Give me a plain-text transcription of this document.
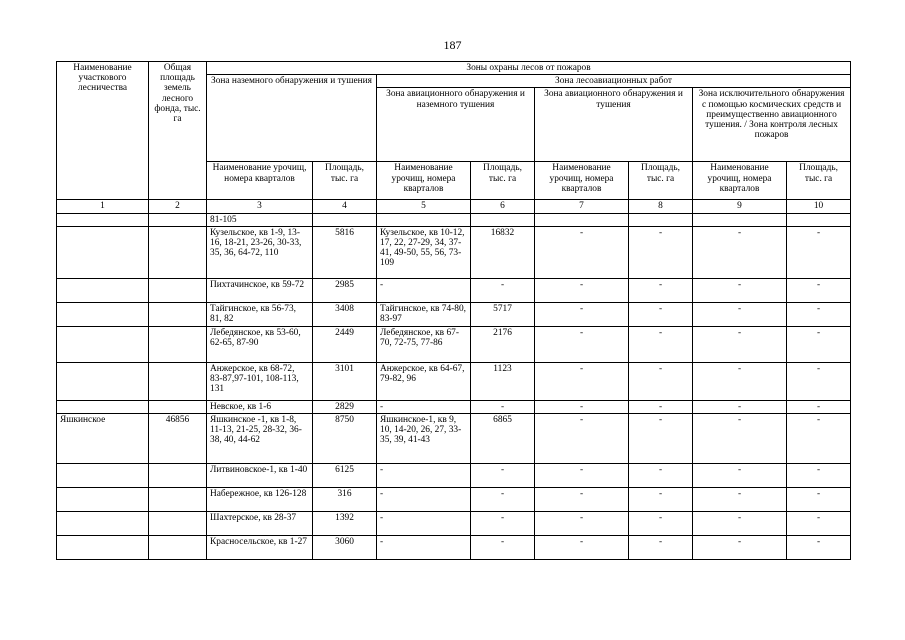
187
Наименование участкового лесничества	Общая площадь земель лесного фонда, тыс. га	Зоны охраны лесов от пожаров							
		Зона наземного обнаружения и тушения		Зона лесоавиационных работ					
				Зона авиационного обнаружения и наземного тушения		Зона авиационного обнаружения и тушения		Зона исключительного обнаружения с помощью космических средств и преимущественно авиационного тушения. / Зона контроля лесных пожаров	
		Наименование урочищ, номера кварталов	Площадь, тыс. га	Наименование урочищ, номера кварталов	Площадь, тыс. га	Наименование урочищ, номера кварталов	Площадь, тыс. га	Наименование урочищ, номера кварталов	Площадь, тыс. га
1	2	3	4	5	6	7	8	9	10
		81-105							
		Кузельское, кв 1-9, 13-16, 18-21, 23-26, 30-33, 35, 36, 64-72, 110	5816	Кузельское, кв 10-12, 17, 22, 27-29, 34, 37-41, 49-50, 55, 56, 73-109	16832	-	-	-	-
		Пихтачинское, кв 59-72	2985	-	-	-	-	-	-
		Тайгинское, кв 56-73, 81, 82	3408	Тайгинское, кв 74-80, 83-97	5717	-	-	-	-
		Лебедянское, кв 53-60, 62-65, 87-90	2449	Лебедянское, кв 67-70, 72-75, 77-86	2176	-	-	-	-
		Анжерское, кв 68-72, 83-87,97-101, 108-113, 131	3101	Анжерское, кв 64-67, 79-82, 96	1123	-	-	-	-
		Невское, кв 1-6	2829	-	-	-	-	-	-
Яшкинское	46856	Яшкинское -1, кв 1-8, 11-13, 21-25, 28-32, 36-38, 40, 44-62	8750	Яшкинское-1, кв 9, 10, 14-20, 26, 27, 33-35, 39, 41-43	6865	-	-	-	-
		Литвиновское-1, кв 1-40	6125	-	-	-	-	-	-
		Набережное, кв 126-128	316	-	-	-	-	-	-
		Шахтерское, кв 28-37	1392	-	-	-	-	-	-
		Красносельское, кв 1-27	3060	-	-	-	-	-	-
